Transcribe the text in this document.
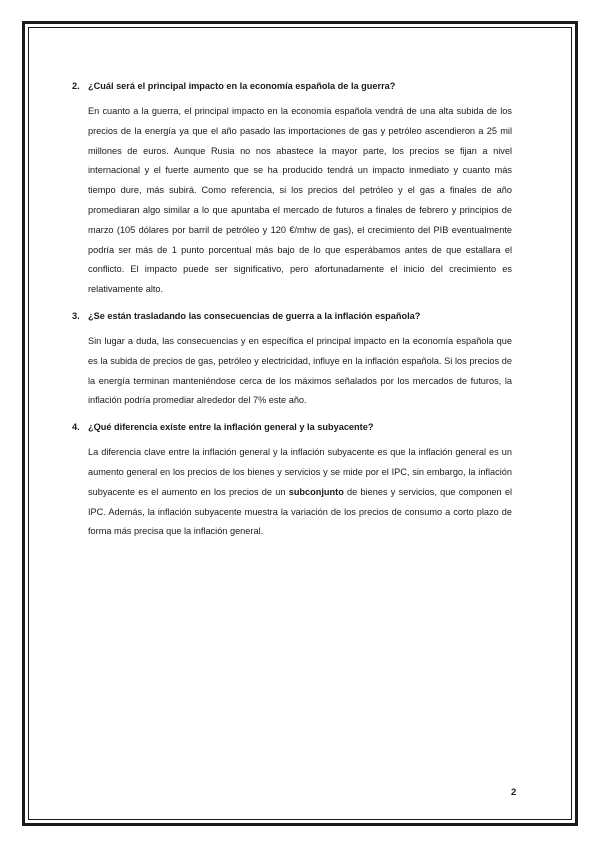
2. ¿Cuál será el principal impacto en la economía española de la guerra?

En cuanto a la guerra, el principal impacto en la economía española vendrá de una alta subida de los precios de la energía ya que el año pasado las importaciones de gas y petróleo ascendieron a 25 mil millones de euros. Aunque Rusia no nos abastece la mayor parte, los precios se fijan a nivel internacional y el fuerte aumento que se ha producido tendrá un impacto inmediato y cuanto más tiempo dure, más subirá. Como referencia, si los precios del petróleo y el gas a finales de año promediaran algo similar a lo que apuntaba el mercado de futuros a finales de febrero y principios de marzo (105 dólares por barril de petróleo y 120 €/mhw de gas), el crecimiento del PIB eventualmente podría ser más de 1 punto porcentual más bajo de lo que esperábamos antes de que estallara el conflicto. El impacto puede ser significativo, pero afortunadamente el inicio del crecimiento es relativamente alto.

3. ¿Se están trasladando las consecuencias de guerra a la inflación española?

Sin lugar a duda, las consecuencias y en específica el principal impacto en la economía española que es la subida de precios de gas, petróleo y electricidad, influye en la inflación española. Si los precios de la energía terminan manteniéndose cerca de los máximos señalados por los mercados de futuros, la inflación podría promediar alrededor del 7% este año.

4. ¿Qué diferencia existe entre la inflación general y la subyacente?

La diferencia clave entre la inflación general y la inflación subyacente es que la inflación general es un aumento general en los precios de los bienes y servicios y se mide por el IPC, sin embargo, la inflación subyacente es el aumento en los precios de un subconjunto de bienes y servicios, que componen el IPC. Además, la inflación subyacente muestra la variación de los precios de consumo a corto plazo de forma más precisa que la inflación general.

2
